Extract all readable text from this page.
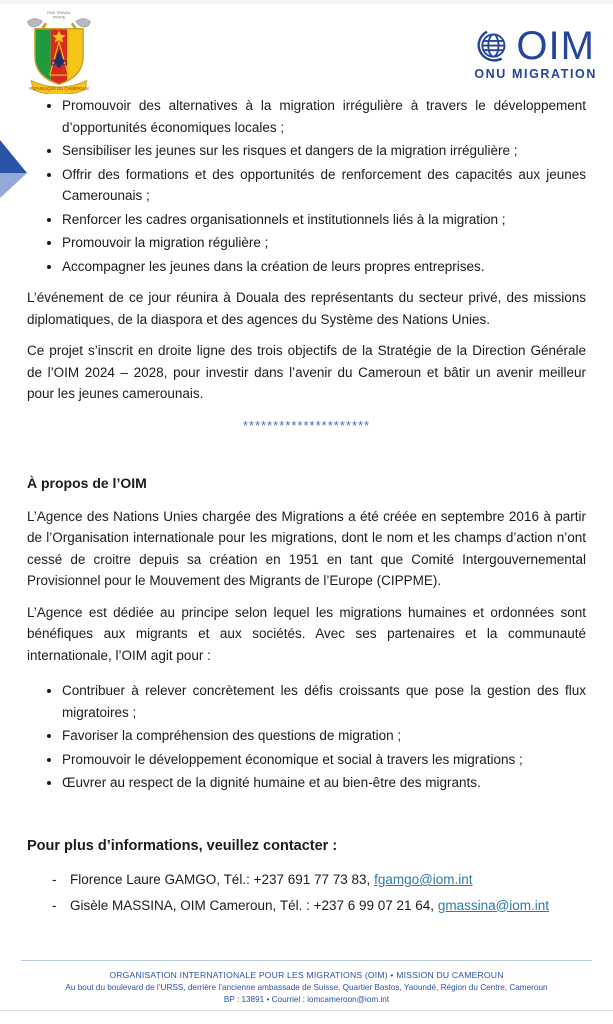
PAIX TRAVAIL
PATRIE
REPUBLIQUE DU CAMEROUN
OIM
ONU MIGRATION
• Promouvoir des alternatives à la migration irrégulière à travers le développement d’opportunités économiques locales ;
• Sensibiliser les jeunes sur les risques et dangers de la migration irrégulière ;
• Offrir des formations et des opportunités de renforcement des capacités aux jeunes Camerounais ;
• Renforcer les cadres organisationnels et institutionnels liés à la migration ;
• Promouvoir la migration régulière ;
• Accompagner les jeunes dans la création de leurs propres entreprises.

L’événement de ce jour réunira à Douala des représentants du secteur privé, des missions diplomatiques, de la diaspora et des agences du Système des Nations Unies.

Ce projet s’inscrit en droite ligne des trois objectifs de la Stratégie de la Direction Générale de l’OIM 2024 – 2028, pour investir dans l’avenir du Cameroun et bâtir un avenir meilleur pour les jeunes camerounais.

*********************
À propos de l’OIM

L’Agence des Nations Unies chargée des Migrations a été créée en septembre 2016 à partir de l’Organisation internationale pour les migrations, dont le nom et les champs d’action n’ont cessé de croitre depuis sa création en 1951 en tant que Comité Intergouvernemental Provisionnel pour le Mouvement des Migrants de l’Europe (CIPPME).

L’Agence est dédiée au principe selon lequel les migrations humaines et ordonnées sont bénéfiques aux migrants et aux sociétés. Avec ses partenaires et la communauté internationale, l’OIM agit pour :

• Contribuer à relever concrètement les défis croissants que pose la gestion des flux migratoires ;
• Favoriser la compréhension des questions de migration ;
• Promouvoir le développement économique et social à travers les migrations ;
• Œuvrer au respect de la dignité humaine et au bien-être des migrants.
Pour plus d’informations, veuillez contacter :
- Florence Laure GAMGO, Tél.: +237 691 77 73 83, fgamgo@iom.int
- Gisèle MASSINA, OIM Cameroun, Tél. : +237 6 99 07 21 64, gmassina@iom.int
ORGANISATION INTERNATIONALE POUR LES MIGRATIONS (OIM) • MISSION DU CAMEROUN
Au bout du boulevard de l’URSS, derrière l’ancienne ambassade de Suisse, Quartier Bastos, Yaoundé, Région du Centre, Cameroun
BP : 13891 • Courriel : iomcameroon@iom.int
